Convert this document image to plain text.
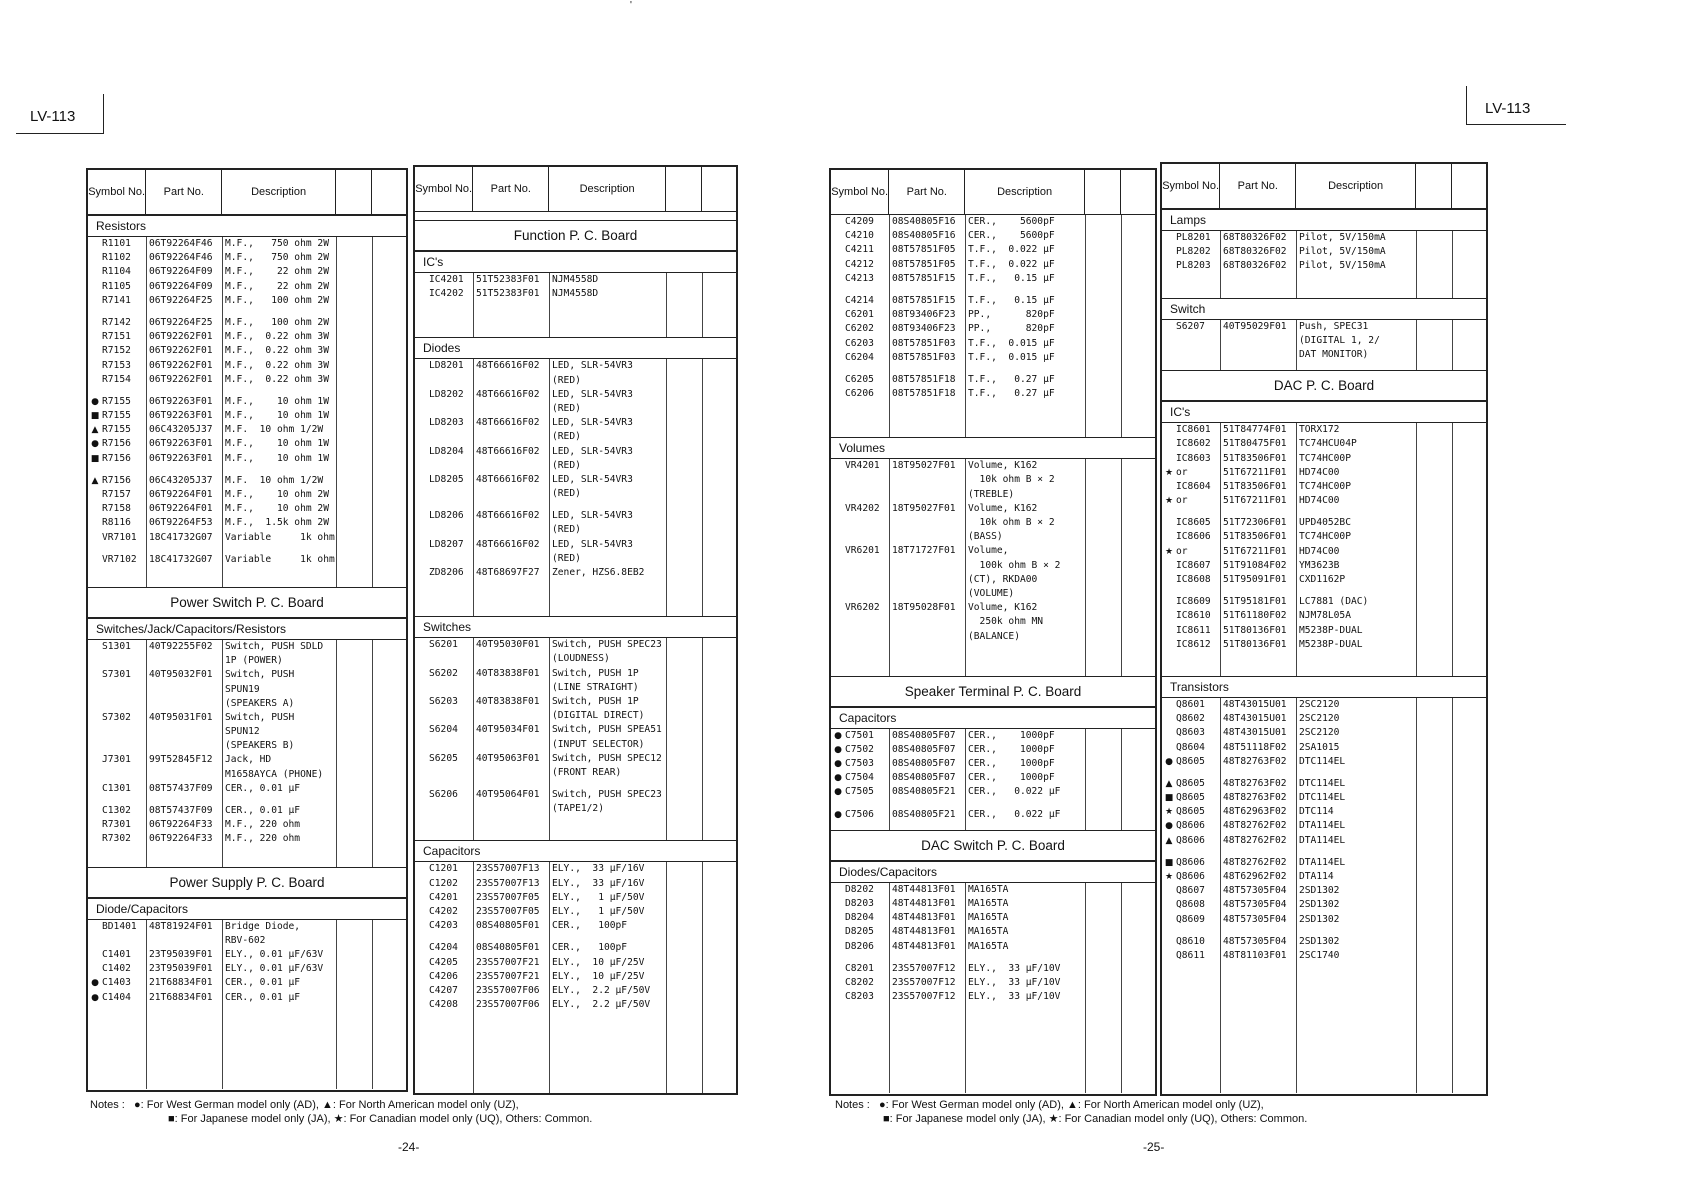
'
LV-113	LV-113
Symbol No.	Part No.	Description
Resistors
R1101	06T92264F46	M.F.,   750 ohm 2W
R1102	06T92264F46	M.F.,   750 ohm 2W
R1104	06T92264F09	M.F.,    22 ohm 2W
R1105	06T92264F09	M.F.,    22 ohm 2W
R7141	06T92264F25	M.F.,   100 ohm 2W
R7142	06T92264F25	M.F.,   100 ohm 2W
R7151	06T92262F01	M.F.,  0.22 ohm 3W
R7152	06T92262F01	M.F.,  0.22 ohm 3W
R7153	06T92262F01	M.F.,  0.22 ohm 3W
R7154	06T92262F01	M.F.,  0.22 ohm 3W
● R7155	06T92263F01	M.F.,    10 ohm 1W
■ R7155	06T92263F01	M.F.,    10 ohm 1W
▲ R7155	06C43205J37	M.F.  10 ohm 1/2W
● R7156	06T92263F01	M.F.,    10 ohm 1W
■ R7156	06T92263F01	M.F.,    10 ohm 1W
▲ R7156	06C43205J37	M.F.  10 ohm 1/2W
R7157	06T92264F01	M.F.,    10 ohm 2W
R7158	06T92264F01	M.F.,    10 ohm 2W
R8116	06T92264F53	M.F.,  1.5k ohm 2W
VR7101	18C41732G07	Variable     1k ohm
VR7102	18C41732G07	Variable     1k ohm
Power Switch P. C. Board
Switches/Jack/Capacitors/Resistors
S1301	40T92255F02	Switch, PUSH SDLD
1P (POWER)
S7301	40T95032F01	Switch, PUSH
SPUN19
(SPEAKERS A)
S7302	40T95031F01	Switch, PUSH
SPUN12
(SPEAKERS B)
J7301	99T52845F12	Jack, HD
M1658AYCA (PHONE)
C1301	08T57437F09	CER., 0.01 μF
C1302	08T57437F09	CER., 0.01 μF
R7301	06T92264F33	M.F., 220 ohm
R7302	06T92264F33	M.F., 220 ohm
Power Supply P. C. Board
Diode/Capacitors
BD1401	48T81924F01	Bridge Diode,
RBV-602
C1401	23T95039F01	ELY., 0.01 μF/63V
C1402	23T95039F01	ELY., 0.01 μF/63V
● C1403	21T68834F01	CER., 0.01 μF
● C1404	21T68834F01	CER., 0.01 μF
Symbol No.	Part No.	Description
Function P. C. Board
IC's
IC4201	51T52383F01	NJM4558D
IC4202	51T52383F01	NJM4558D
Diodes
LD8201	48T66616F02	LED, SLR-54VR3
(RED)
LD8202	48T66616F02	LED, SLR-54VR3
(RED)
LD8203	48T66616F02	LED, SLR-54VR3
(RED)
LD8204	48T66616F02	LED, SLR-54VR3
(RED)
LD8205	48T66616F02	LED, SLR-54VR3
(RED)
LD8206	48T66616F02	LED, SLR-54VR3
(RED)
LD8207	48T66616F02	LED, SLR-54VR3
(RED)
ZD8206	48T68697F27	Zener, HZS6.8EB2
Switches
S6201	40T95030F01	Switch, PUSH SPEC23
(LOUDNESS)
S6202	40T83838F01	Switch, PUSH 1P
(LINE STRAIGHT)
S6203	40T83838F01	Switch, PUSH 1P
(DIGITAL DIRECT)
S6204	40T95034F01	Switch, PUSH SPEA51
(INPUT SELECTOR)
S6205	40T95063F01	Switch, PUSH SPEC12
(FRONT REAR)
S6206	40T95064F01	Switch, PUSH SPEC23
(TAPE1/2)
Capacitors
C1201	23S57007F13	ELY.,  33 μF/16V
C1202	23S57007F13	ELY.,  33 μF/16V
C4201	23S57007F05	ELY.,   1 μF/50V
C4202	23S57007F05	ELY.,   1 μF/50V
C4203	08S40805F01	CER.,   100pF
C4204	08S40805F01	CER.,   100pF
C4205	23S57007F21	ELY.,  10 μF/25V
C4206	23S57007F21	ELY.,  10 μF/25V
C4207	23S57007F06	ELY.,  2.2 μF/50V
C4208	23S57007F06	ELY.,  2.2 μF/50V
Symbol No.	Part No.	Description
C4209	08S40805F16	CER.,    5600pF
C4210	08S40805F16	CER.,    5600pF
C4211	08T57851F05	T.F.,  0.022 μF
C4212	08T57851F05	T.F.,  0.022 μF
C4213	08T57851F15	T.F.,   0.15 μF
C4214	08T57851F15	T.F.,   0.15 μF
C6201	08T93406F23	PP.,      820pF
C6202	08T93406F23	PP.,      820pF
C6203	08T57851F03	T.F.,  0.015 μF
C6204	08T57851F03	T.F.,  0.015 μF
C6205	08T57851F18	T.F.,   0.27 μF
C6206	08T57851F18	T.F.,   0.27 μF
Volumes
VR4201	18T95027F01	Volume, K162
10k ohm B × 2
(TREBLE)
VR4202	18T95027F01	Volume, K162
10k ohm B × 2
(BASS)
VR6201	18T71727F01	Volume,
100k ohm B × 2
(CT), RKDA00
(VOLUME)
VR6202	18T95028F01	Volume, K162
250k ohm MN
(BALANCE)
Speaker Terminal P. C. Board
Capacitors
● C7501	08S40805F07	CER.,    1000pF
● C7502	08S40805F07	CER.,    1000pF
● C7503	08S40805F07	CER.,    1000pF
● C7504	08S40805F07	CER.,    1000pF
● C7505	08S40805F21	CER.,   0.022 μF
● C7506	08S40805F21	CER.,   0.022 μF
DAC Switch P. C. Board
Diodes/Capacitors
D8202	48T44813F01	MA165TA
D8203	48T44813F01	MA165TA
D8204	48T44813F01	MA165TA
D8205	48T44813F01	MA165TA
D8206	48T44813F01	MA165TA
C8201	23S57007F12	ELY.,  33 μF/10V
C8202	23S57007F12	ELY.,  33 μF/10V
C8203	23S57007F12	ELY.,  33 μF/10V
Symbol No.	Part No.	Description
Lamps
PL8201	68T80326F02	Pilot, 5V/150mA
PL8202	68T80326F02	Pilot, 5V/150mA
PL8203	68T80326F02	Pilot, 5V/150mA
Switch
S6207	40T95029F01	Push, SPEC31
(DIGITAL 1, 2/
DAT MONITOR)
DAC P. C. Board
IC's
IC8601	51T84774F01	TORX172
IC8602	51T80475F01	TC74HCU04P
IC8603	51T83506F01	TC74HC00P
★ or	51T67211F01	HD74C00
IC8604	51T83506F01	TC74HC00P
★ or	51T67211F01	HD74C00
IC8605	51T72306F01	UPD4052BC
IC8606	51T83506F01	TC74HC00P
★ or	51T67211F01	HD74C00
IC8607	51T91084F02	YM3623B
IC8608	51T95091F01	CXD1162P
IC8609	51T95181F01	LC7881 (DAC)
IC8610	51T61180F02	NJM78L05A
IC8611	51T80136F01	M5238P-DUAL
IC8612	51T80136F01	M5238P-DUAL
Transistors
Q8601	48T43015U01	2SC2120
Q8602	48T43015U01	2SC2120
Q8603	48T43015U01	2SC2120
Q8604	48T51118F02	2SA1015
● Q8605	48T82763F02	DTC114EL
▲ Q8605	48T82763F02	DTC114EL
■ Q8605	48T82763F02	DTC114EL
★ Q8605	48T62963F02	DTC114
● Q8606	48T82762F02	DTA114EL
▲ Q8606	48T82762F02	DTA114EL
■ Q8606	48T82762F02	DTA114EL
★ Q8606	48T62962F02	DTA114
Q8607	48T57305F04	2SD1302
Q8608	48T57305F04	2SD1302
Q8609	48T57305F04	2SD1302
Q8610	48T57305F04	2SD1302
Q8611	48T81103F01	2SC1740
Notes : ●: For West German model only (AD), ▲: For North American model only (UZ),
■: For Japanese model only (JA), ★: For Canadian model only (UQ), Others: Common.
Notes : ●: For West German model only (AD), ▲: For North American model only (UZ),
■: For Japanese model only (JA), ★: For Canadian model only (UQ), Others: Common.
-24-	-25-
